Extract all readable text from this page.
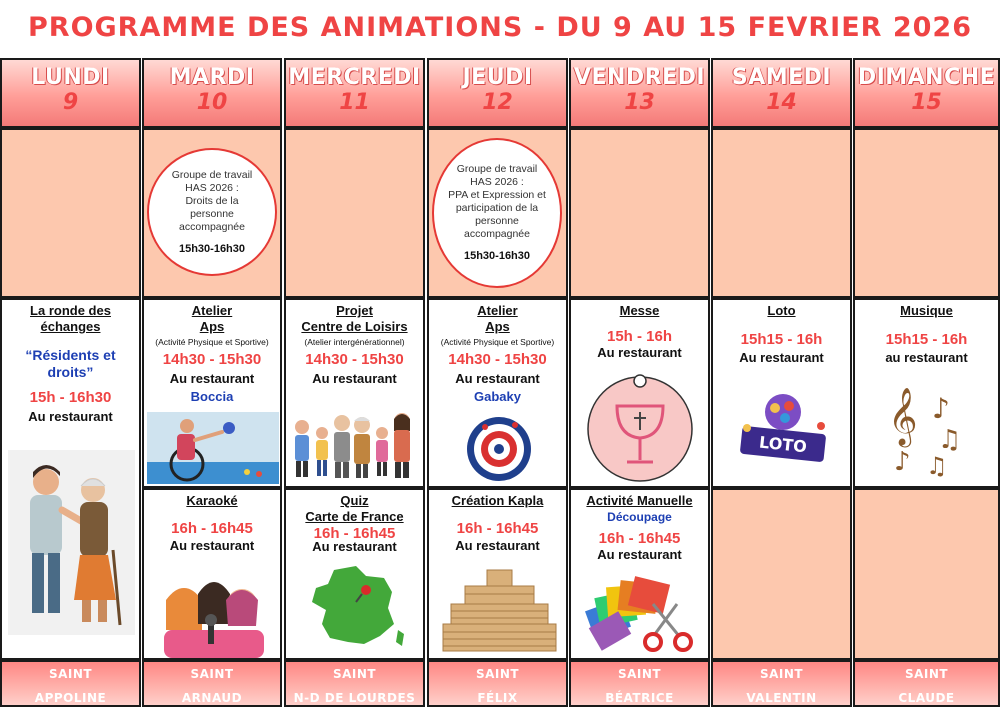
PROGRAMME DES ANIMATIONS - DU 9 AU 15 FEVRIER 2026
LUNDI
9
MARDI
10
MERCREDI
11
JEUDI
12
VENDREDI
13
SAMEDI
14
DIMANCHE
15
Groupe de travail
HAS 2026 :
Droits de la
personne
accompagnée
15h30-16h30
Groupe de travail
HAS 2026 :
PPA et Expression et
participation de la
personne
accompagnée
15h30-16h30
La ronde des
échanges
“Résidents et
droits”
15h - 16h30
Au restaurant
Atelier
Aps
(Activité Physique et Sportive)
14h30 - 15h30
Au restaurant
Boccia
Projet
Centre de Loisirs
(Atelier intergénérationnel)
14h30 - 15h30
Au restaurant
Atelier
Aps
(Activité Physique et Sportive)
14h30 - 15h30
Au restaurant
Gabaky
Messe
15h - 16h
Au restaurant
Loto
15h15 - 16h
Au restaurant
LOTO
Musique
15h15 - 16h
au restaurant
𝄞 ♪
♫
♪ ♫
Karaoké
16h - 16h45
Au restaurant
Quiz
Carte de France
16h - 16h45
Au restaurant
Création Kapla
16h - 16h45
Au restaurant
Activité Manuelle
Découpage
16h - 16h45
Au restaurant
SAINT
APPOLINE
SAINT
ARNAUD
SAINT
N-D DE LOURDES
SAINT
FÉLIX
SAINT
BÉATRICE
SAINT
VALENTIN
SAINT
CLAUDE
